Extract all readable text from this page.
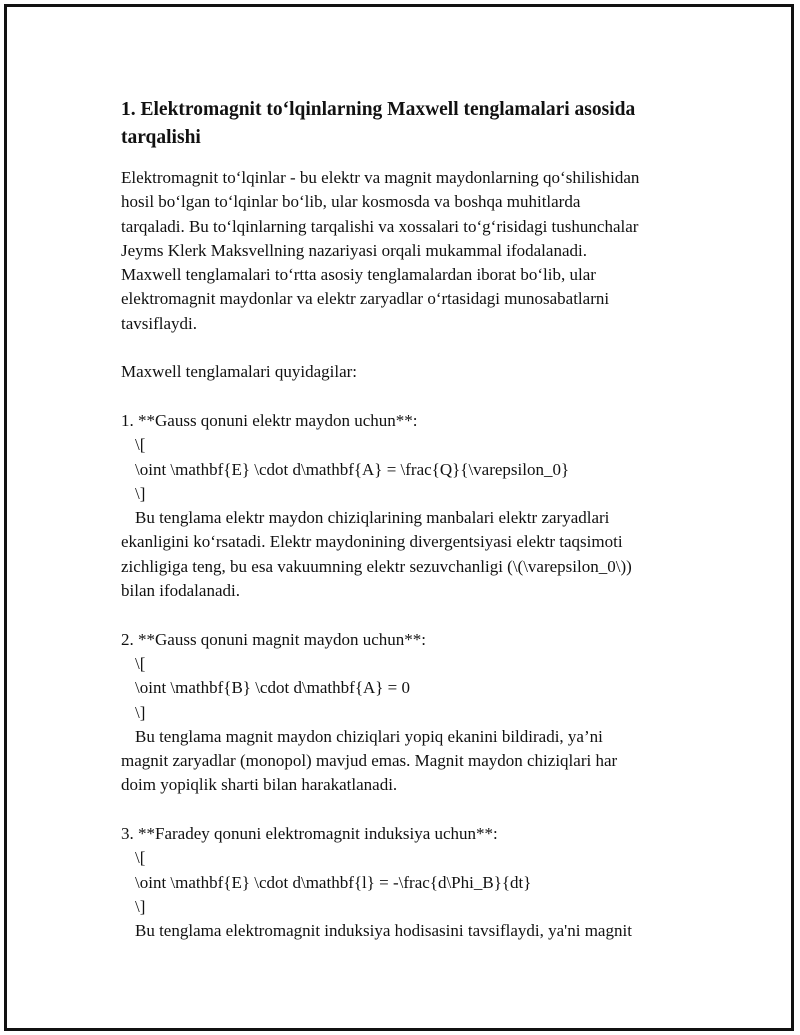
1. Elektromagnit to‘lqinlarning Maxwell tenglamalari asosida
tarqalishi
Elektromagnit to‘lqinlar - bu elektr va magnit maydonlarning qo‘shilishidan
hosil bo‘lgan to‘lqinlar bo‘lib, ular kosmosda va boshqa muhitlarda
tarqaladi. Bu to‘lqinlarning tarqalishi va xossalari to‘g‘risidagi tushunchalar
Jeyms Klerk Maksvellning nazariyasi orqali mukammal ifodalanadi.
Maxwell tenglamalari to‘rtta asosiy tenglamalardan iborat bo‘lib, ular
elektromagnit maydonlar va elektr zaryadlar o‘rtasidagi munosabatlarni
tavsiflaydi.
Maxwell tenglamalari quyidagilar:
1. **Gauss qonuni elektr maydon uchun**:
\[
\oint \mathbf{E} \cdot d\mathbf{A} = \frac{Q}{\varepsilon_0}
\]
Bu tenglama elektr maydon chiziqlarining manbalari elektr zaryadlari
ekanligini ko‘rsatadi. Elektr maydonining divergentsiyasi elektr taqsimoti
zichligiga teng, bu esa vakuumning elektr sezuvchanligi (\(\varepsilon_0\))
bilan ifodalanadi.
2. **Gauss qonuni magnit maydon uchun**:
\[
\oint \mathbf{B} \cdot d\mathbf{A} = 0
\]
Bu tenglama magnit maydon chiziqlari yopiq ekanini bildiradi, ya’ni
magnit zaryadlar (monopol) mavjud emas. Magnit maydon chiziqlari har
doim yopiqlik sharti bilan harakatlanadi.
3. **Faradey qonuni elektromagnit induksiya uchun**:
\[
\oint \mathbf{E} \cdot d\mathbf{l} = -\frac{d\Phi_B}{dt}
\]
Bu tenglama elektromagnit induksiya hodisasini tavsiflaydi, ya'ni magnit
